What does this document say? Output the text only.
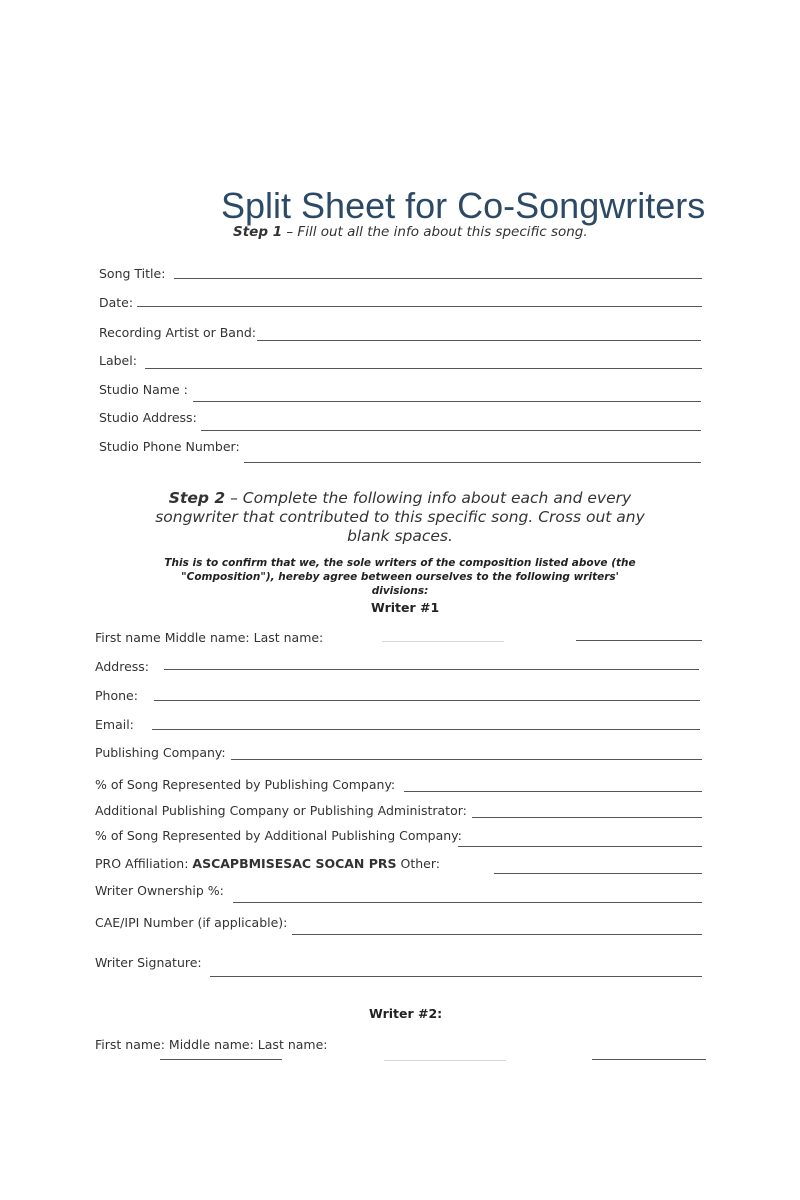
Split Sheet for Co-Songwriters
Step 1 – Fill out all the info about this specific song.
Song Title:
Date:
Recording Artist or Band:
Label:
Studio Name :
Studio Address:
Studio Phone Number:
Step 2 – Complete the following info about each and every songwriter that contributed to this specific song. Cross out any blank spaces.
This is to confirm that we, the sole writers of the composition listed above (the "Composition"), hereby agree between ourselves to the following writers' divisions:
Writer #1
First name Middle name: Last name:
Address:
Phone:
Email:
Publishing Company:
% of Song Represented by Publishing Company:
Additional Publishing Company or Publishing Administrator:
% of Song Represented by Additional Publishing Company:
PRO Affiliation: ASCAPBMISESAC SOCAN PRS Other:
Writer Ownership %:
CAE/IPI Number (if applicable):
Writer Signature:
Writer #2:
First name: Middle name: Last name:
